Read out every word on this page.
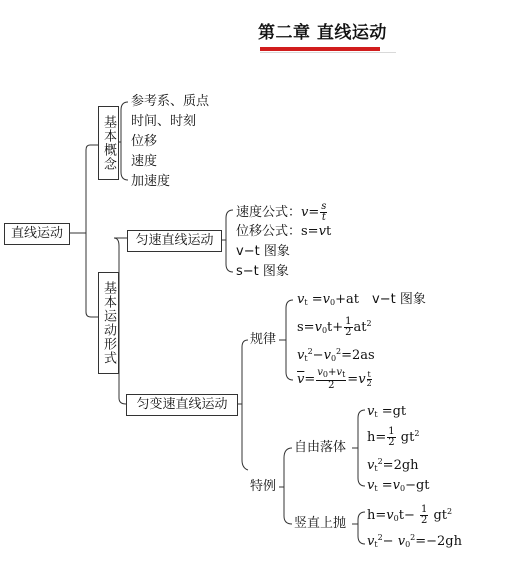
第二章 直线运动
直线运动
基本概念
参考系、质点
时间、时刻
位移
速度
加速度
基本运动形式
匀速直线运动
速度公式：$v= \frac{s}{t}$
位移公式：s=vt
v−t 图象
s−t 图象
匀变速直线运动
规律
$v_t =v_0+at$ v−t 图象
$s=v_0t+ \frac{1}{2} at^2$
$v_t^2-v_0^2=2as$
$\overline{v}= \frac{v_0+v_t}{2} =v \frac{t}{2}$
特例
自由落体
$v_t =gt$
$h= \frac{1}{2} gt^2$
$v_t^2=2gh$
$v_t =v_0-gt$
竖直上抛
$h=v_0t- \frac{1}{2} gt^2$
$v_t^2- v_0^2=-2gh$
